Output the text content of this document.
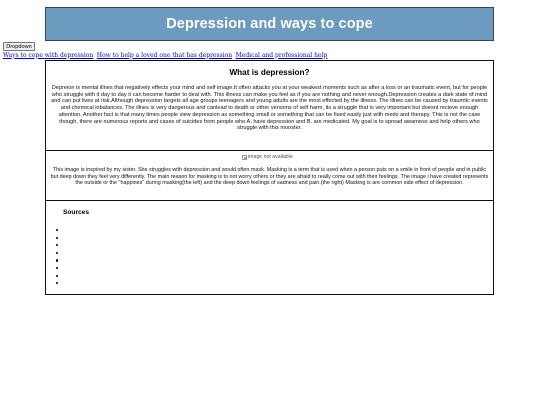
Depression and ways to cope
Dropdown
Ways to cope with depression How to help a loved one that has depression Medical and professional help
What is depression?

Depreion is mental illnes that negatively effects your mind and self image.It often attacks you at your weakest moments such as after a loss or an traumatic event, but for people who struggle with it day to day it can become harder to deal with. This illness can make you feel as if you are nothing and never enough.Depression creates a dark state of mind and can put lives at risk.Although depression targets all age groups teenagers and young adults are the most effected by the illness. The illnes can be caused by traumtic events and chemical inbalances. The illnes is very dangerous and canlead to death or other versions of self harm, its a struggle that is very important but doesnt recieve enough attention. Another fact is that many times people view depression as something small or something that can be fixed easily just with meds and therapy. This is not the case though, there are numerous reports and cases of suicides from people who A. have depression and B. are medicated. My goal is to spread awarness and help others who struggle with this monster.

image not available

This image is inspired by my sister. She struggles with depression and would often mask. Masking is a term that is used when a person puts on a smile in front of people and in public but deep down they feel very differently. The main reason for masking is to not worry others or they are afraid to really come out with their feelings. The image i have created represents the outside or the "happines" during masking(the left) and the deep down feelings of sadness and pain.(the right) Masking is are common side effect of depression.

Sources
